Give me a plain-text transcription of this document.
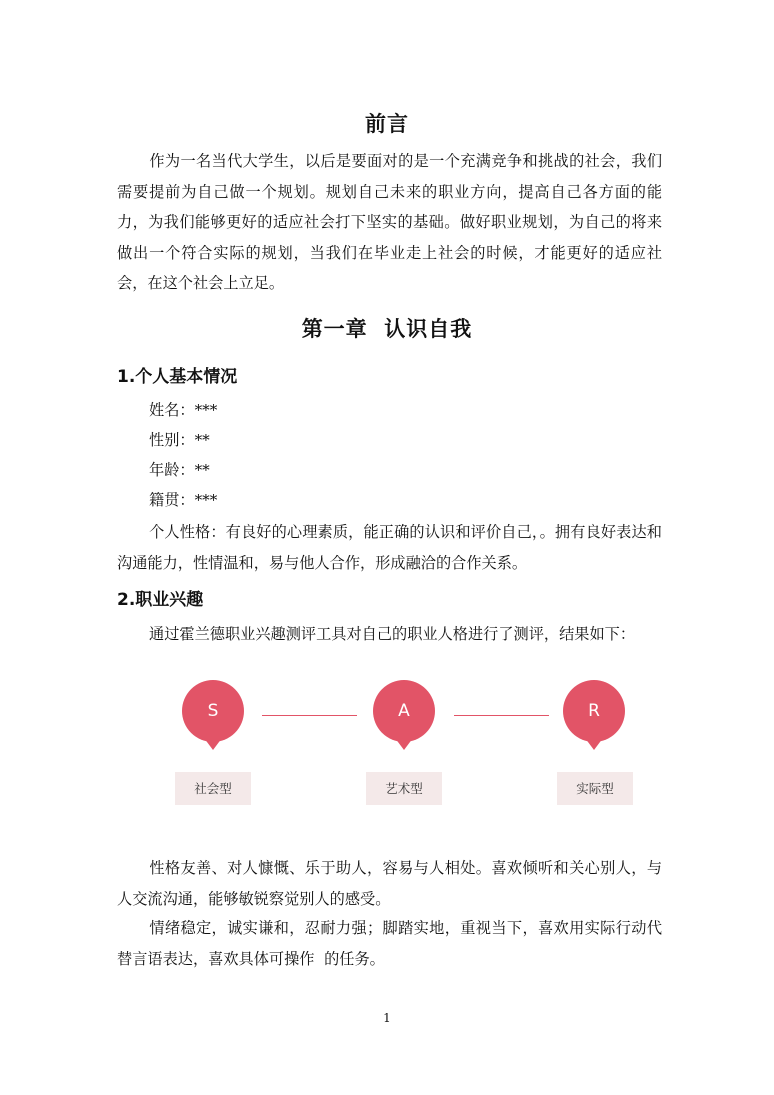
前言
作为一名当代大学生，以后是要面对的是一个充满竞争和挑战的社会，我们需要提前为自己做一个规划。规划自己未来的职业方向，提高自己各方面的能力，为我们能够更好的适应社会打下坚实的基础。做好职业规划，为自己的将来做出一个符合实际的规划，当我们在毕业走上社会的时候，才能更好的适应社会，在这个社会上立足。
第一章  认识自我
1.个人基本情况
姓名：***
性别：**
年龄：**
籍贯：***
个人性格：有良好的心理素质，能正确的认识和评价自己，。拥有良好表达和沟通能力，性情温和，易与他人合作，形成融洽的合作关系。
2.职业兴趣
通过霍兰德职业兴趣测评工具对自己的职业人格进行了测评，结果如下：
S
社会型
A
艺术型
R
实际型
性格友善、对人慷慨、乐于助人，容易与人相处。喜欢倾听和关心别人，与人交流沟通，能够敏锐察觉别人的感受。
情绪稳定，诚实谦和，忍耐力强；脚踏实地，重视当下，喜欢用实际行动代替言语表达，喜欢具体可操作  的任务。
1
